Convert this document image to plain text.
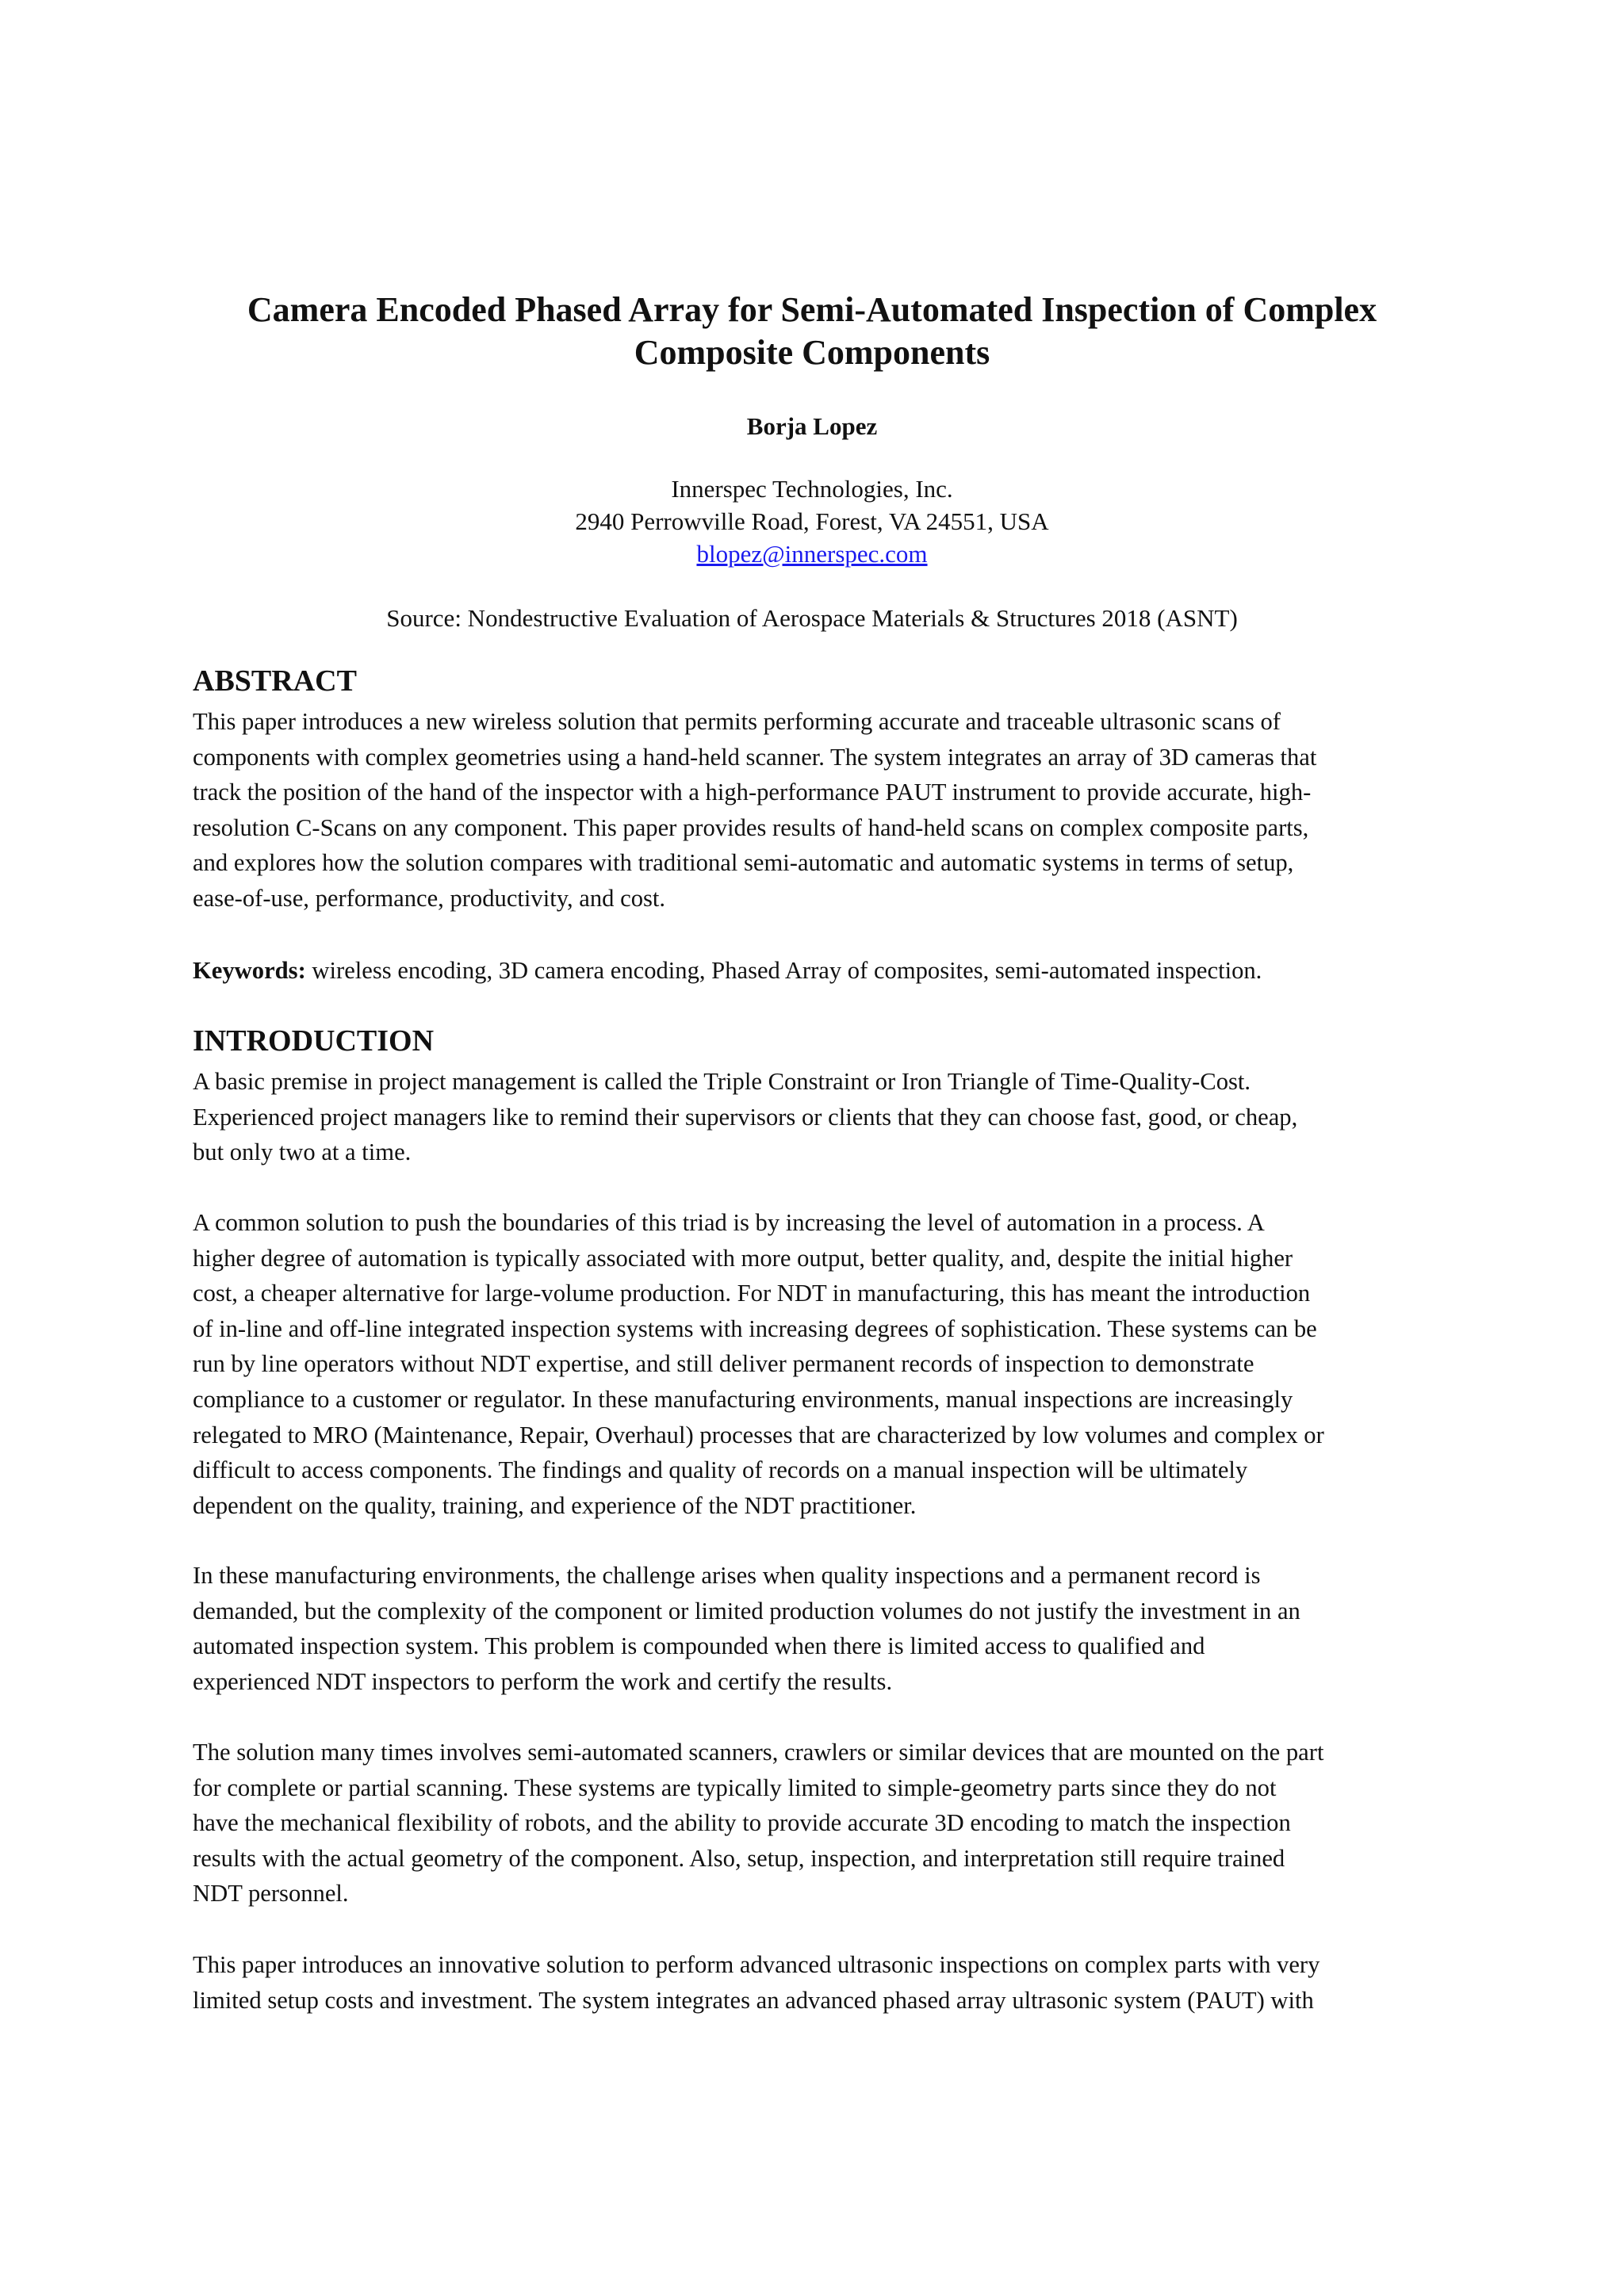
Camera Encoded Phased Array for Semi-Automated Inspection of Complex
Composite Components
Borja Lopez
Innerspec Technologies, Inc.
2940 Perrowville Road, Forest, VA 24551, USA
blopez@innerspec.com
Source: Nondestructive Evaluation of Aerospace Materials & Structures 2018 (ASNT)
ABSTRACT
This paper introduces a new wireless solution that permits performing accurate and traceable ultrasonic scans of
components with complex geometries using a hand-held scanner. The system integrates an array of 3D cameras that
track the position of the hand of the inspector with a high-performance PAUT instrument to provide accurate, high-
resolution C-Scans on any component. This paper provides results of hand-held scans on complex composite parts,
and explores how the solution compares with traditional semi-automatic and automatic systems in terms of setup,
ease-of-use, performance, productivity, and cost.
Keywords: wireless encoding, 3D camera encoding, Phased Array of composites, semi-automated inspection.
INTRODUCTION
A basic premise in project management is called the Triple Constraint or Iron Triangle of Time-Quality-Cost.
Experienced project managers like to remind their supervisors or clients that they can choose fast, good, or cheap,
but only two at a time.
A common solution to push the boundaries of this triad is by increasing the level of automation in a process. A
higher degree of automation is typically associated with more output, better quality, and, despite the initial higher
cost, a cheaper alternative for large-volume production. For NDT in manufacturing, this has meant the introduction
of in-line and off-line integrated inspection systems with increasing degrees of sophistication. These systems can be
run by line operators without NDT expertise, and still deliver permanent records of inspection to demonstrate
compliance to a customer or regulator. In these manufacturing environments, manual inspections are increasingly
relegated to MRO (Maintenance, Repair, Overhaul) processes that are characterized by low volumes and complex or
difficult to access components. The findings and quality of records on a manual inspection will be ultimately
dependent on the quality, training, and experience of the NDT practitioner.
In these manufacturing environments, the challenge arises when quality inspections and a permanent record is
demanded, but the complexity of the component or limited production volumes do not justify the investment in an
automated inspection system. This problem is compounded when there is limited access to qualified and
experienced NDT inspectors to perform the work and certify the results.
The solution many times involves semi-automated scanners, crawlers or similar devices that are mounted on the part
for complete or partial scanning. These systems are typically limited to simple-geometry parts since they do not
have the mechanical flexibility of robots, and the ability to provide accurate 3D encoding to match the inspection
results with the actual geometry of the component. Also, setup, inspection, and interpretation still require trained
NDT personnel.
This paper introduces an innovative solution to perform advanced ultrasonic inspections on complex parts with very
limited setup costs and investment. The system integrates an advanced phased array ultrasonic system (PAUT) with
